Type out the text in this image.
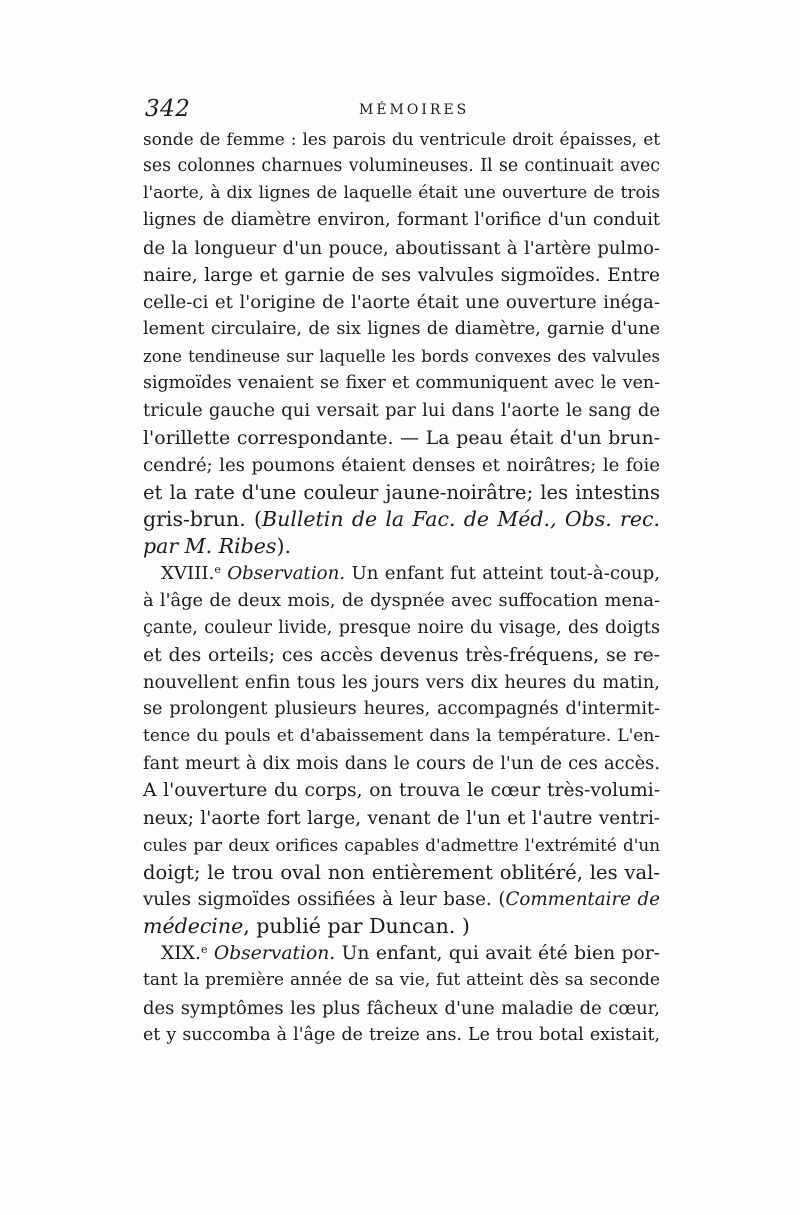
342	MÉMOIRES
sonde de femme : les parois du ventricule droit épaisses, et
ses colonnes charnues volumineuses. Il se continuait avec
l'aorte, à dix lignes de laquelle était une ouverture de trois
lignes de diamètre environ, formant l'orifice d'un conduit
de la longueur d'un pouce, aboutissant à l'artère pulmo-
naire, large et garnie de ses valvules sigmoïdes. Entre
celle-ci et l'origine de l'aorte était une ouverture inéga-
lement circulaire, de six lignes de diamètre, garnie d'une
zone tendineuse sur laquelle les bords convexes des valvules
sigmoïdes venaient se fixer et communiquent avec le ven-
tricule gauche qui versait par lui dans l'aorte le sang de
l'orillette correspondante. — La peau était d'un brun-
cendré; les poumons étaient denses et noirâtres; le foie
et la rate d'une couleur jaune-noirâtre; les intestins
gris-brun. (Bulletin de la Fac. de Méd., Obs. rec.
par M. Ribes).
XVIII.$^e$ Observation. Un enfant fut atteint tout-à-coup,
à l'âge de deux mois, de dyspnée avec suffocation mena-
çante, couleur livide, presque noire du visage, des doigts
et des orteils; ces accès devenus très-fréquens, se re-
nouvellent enfin tous les jours vers dix heures du matin,
se prolongent plusieurs heures, accompagnés d'intermit-
tence du pouls et d'abaissement dans la température. L'en-
fant meurt à dix mois dans le cours de l'un de ces accès.
A l'ouverture du corps, on trouva le cœur très-volumi-
neux; l'aorte fort large, venant de l'un et l'autre ventri-
cules par deux orifices capables d'admettre l'extrémité d'un
doigt; le trou oval non entièrement oblitéré, les val-
vules sigmoïdes ossifiées à leur base. (Commentaire de
médecine, publié par Duncan. )
XIX.$^e$ Observation. Un enfant, qui avait été bien por-
tant la première année de sa vie, fut atteint dès sa seconde
des symptômes les plus fâcheux d'une maladie de cœur,
et y succomba à l'âge de treize ans. Le trou botal existait,
